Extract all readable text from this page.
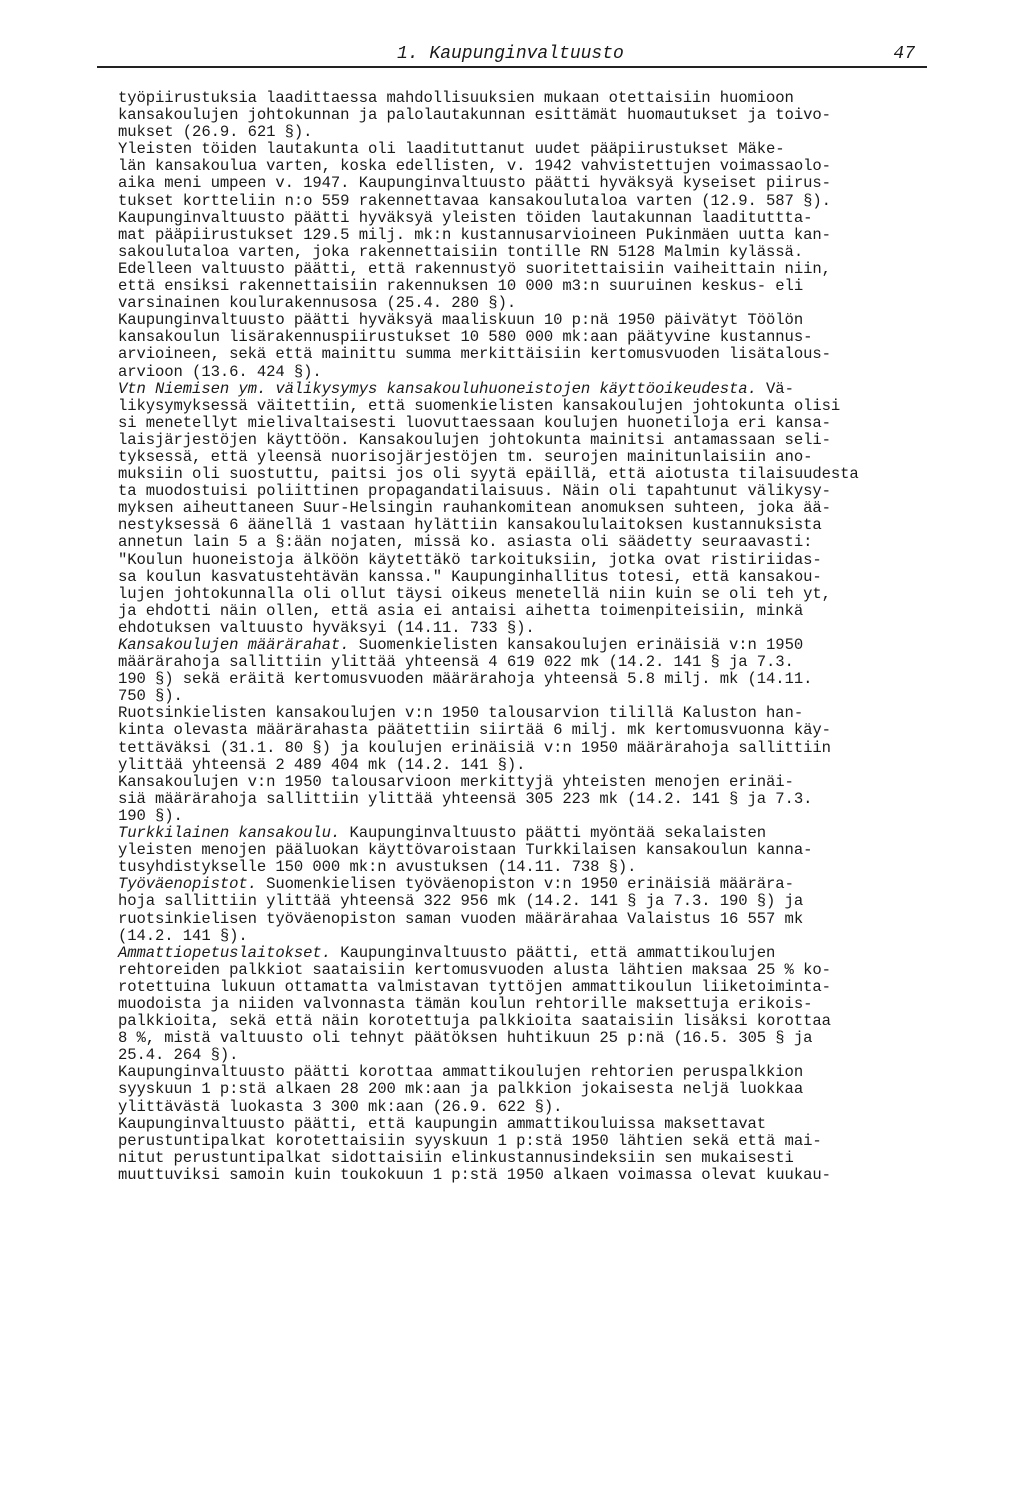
1. Kaupunginvaltuusto	47

työpiirustuksia laadittaessa mahdollisuuksien mukaan otettaisiin huomioon
kansakoulujen johtokunnan ja palolautakunnan esittämät huomautukset ja toivo-
mukset (26.9. 621 §).

Yleisten töiden lautakunta oli laadituttanut uudet pääpiirustukset Mäke-
län kansakoulua varten, koska edellisten, v. 1942 vahvistettujen voimassaolo-
aika meni umpeen v. 1947. Kaupunginvaltuusto päätti hyväksyä kyseiset piirus-
tukset kortteliin n:o 559 rakennettavaa kansakoulutaloa varten (12.9. 587 §).

Kaupunginvaltuusto päätti hyväksyä yleisten töiden lautakunnan laadituttta-
mat pääpiirustukset 129.5 milj. mk:n kustannusarvioineen Pukinmäen uutta kan-
sakoulutaloa varten, joka rakennettaisiin tontille RN 5128 Malmin kylässä.
Edelleen valtuusto päätti, että rakennustyö suoritettaisiin vaiheittain niin,
että ensiksi rakennettaisiin rakennuksen 10 000 m3:n suuruinen keskus- eli
varsinainen koulurakennusosa (25.4. 280 §).

Kaupunginvaltuusto päätti hyväksyä maaliskuun 10 p:nä 1950 päivätyt Töölön
kansakoulun lisärakennuspiirustukset 10 580 000 mk:aan päätyvine kustannus-
arvioineen, sekä että mainittu summa merkittäisiin kertomusvuoden lisätalous-
arvioon (13.6. 424 §).

Vtn Niemisen ym. välikysymys kansakouluhuoneistojen käyttöoikeudesta. Vä-
likysymyksessä väitettiin, että suomenkielisten kansakoulujen johtokunta olisi
si menetellyt mielivaltaisesti luovuttaessaan koulujen huonetiloja eri kansa-
laisjärjestöjen käyttöön. Kansakoulujen johtokunta mainitsi antamassaan seli-
tyksessä, että yleensä nuorisojärjestöjen tm. seurojen mainitunlaisiin ano-
muksiin oli suostuttu, paitsi jos oli syytä epäillä, että aiotusta tilaisuudesta
ta muodostuisi poliittinen propagandatilaisuus. Näin oli tapahtunut välikysy-
myksen aiheuttaneen Suur-Helsingin rauhankomitean anomuksen suhteen, joka ää-
nestyksessä 6 äänellä 1 vastaan hylättiin kansakoululaitoksen kustannuksista
annetun lain 5 a §:ään nojaten, missä ko. asiasta oli säädetty seuraavasti:
"Koulun huoneistoja älköön käytettäkö tarkoituksiin, jotka ovat ristiriidas-
sa koulun kasvatustehtävän kanssa." Kaupunginhallitus totesi, että kansakou-
lujen johtokunnalla oli ollut täysi oikeus menetellä niin kuin se oli teh yt,
ja ehdotti näin ollen, että asia ei antaisi aihetta toimenpiteisiin, minkä
ehdotuksen valtuusto hyväksyi (14.11. 733 §).

Kansakoulujen määrärahat. Suomenkielisten kansakoulujen erinäisiä v:n 1950
määrärahoja sallittiin ylittää yhteensä 4 619 022 mk (14.2. 141 § ja 7.3.
190 §) sekä eräitä kertomusvuoden määrärahoja yhteensä 5.8 milj. mk (14.11.
750 §).

Ruotsinkielisten kansakoulujen v:n 1950 talousarvion tilillä Kaluston han-
kinta olevasta määrärahasta päätettiin siirtää 6 milj. mk kertomusvuonna käy-
tettäväksi (31.1. 80 §) ja koulujen erinäisiä v:n 1950 määrärahoja sallittiin
ylittää yhteensä 2 489 404 mk (14.2. 141 §).

Kansakoulujen v:n 1950 talousarvioon merkittyjä yhteisten menojen erinäi-
siä määrärahoja sallittiin ylittää yhteensä 305 223 mk (14.2. 141 § ja 7.3.
190 §).

Turkkilainen kansakoulu. Kaupunginvaltuusto päätti myöntää sekalaisten
yleisten menojen pääluokan käyttövaroistaan Turkkilaisen kansakoulun kanna-
tusyhdistykselle 150 000 mk:n avustuksen (14.11. 738 §).

Työväenopistot. Suomenkielisen työväenopiston v:n 1950 erinäisiä määrära-
hoja sallittiin ylittää yhteensä 322 956 mk (14.2. 141 § ja 7.3. 190 §) ja
ruotsinkielisen työväenopiston saman vuoden määrärahaa Valaistus 16 557 mk
(14.2. 141 §).

Ammattiopetuslaitokset. Kaupunginvaltuusto päätti, että ammattikoulujen
rehtoreiden palkkiot saataisiin kertomusvuoden alusta lähtien maksaa 25 % ko-
rotettuina lukuun ottamatta valmistavan tyttöjen ammattikoulun liiketoiminta-
muodoista ja niiden valvonnasta tämän koulun rehtorille maksettuja erikois-
palkkioita, sekä että näin korotettuja palkkioita saataisiin lisäksi korottaa
8 %, mistä valtuusto oli tehnyt päätöksen huhtikuun 25 p:nä (16.5. 305 § ja
25.4. 264 §).

Kaupunginvaltuusto päätti korottaa ammattikoulujen rehtorien peruspalkkion
syyskuun 1 p:stä alkaen 28 200 mk:aan ja palkkion jokaisesta neljä luokkaa
ylittävästä luokasta 3 300 mk:aan (26.9. 622 §).

Kaupunginvaltuusto päätti, että kaupungin ammattikouluissa maksettavat
perustuntipalkat korotettaisiin syyskuun 1 p:stä 1950 lähtien sekä että mai-
nitut perustuntipalkat sidottaisiin elinkustannusindeksiin sen mukaisesti
muuttuviksi samoin kuin toukokuun 1 p:stä 1950 alkaen voimassa olevat kuukau-
